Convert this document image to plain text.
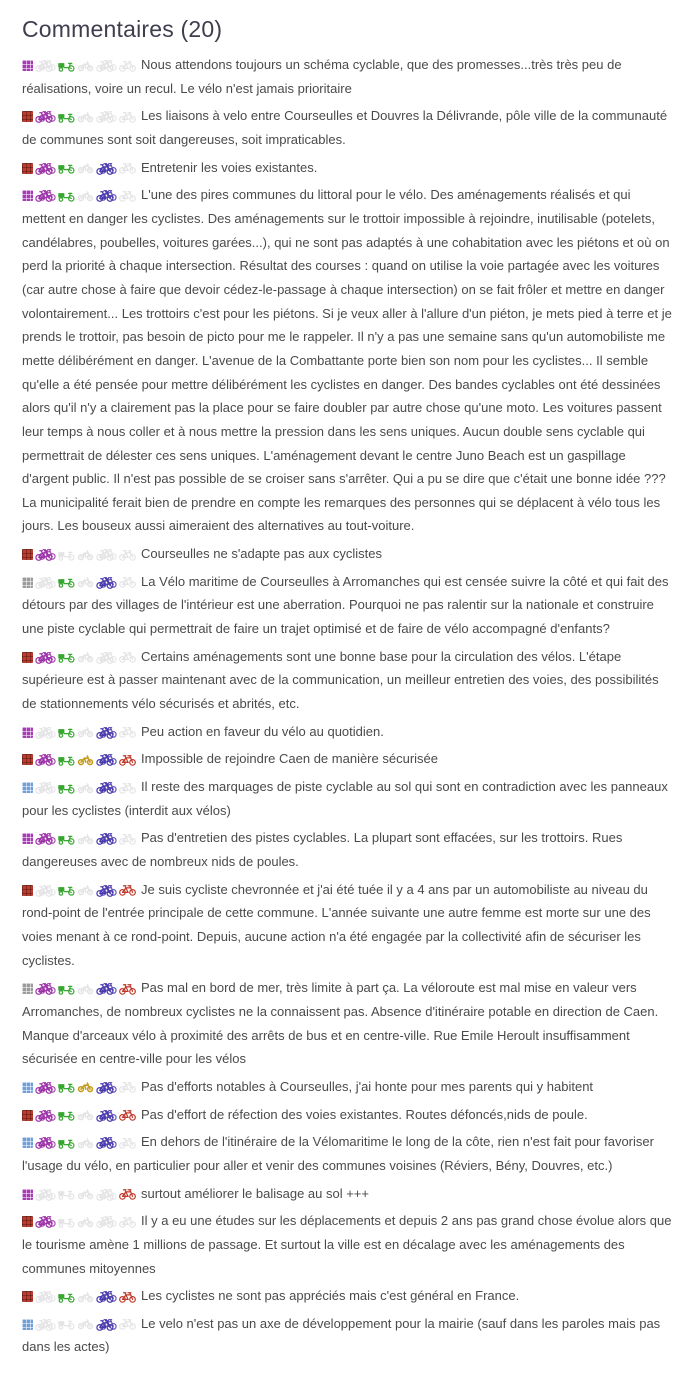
Commentaires (20)

Nous attendons toujours un schéma cyclable, que des promesses...très très peu de réalisations, voire un recul. Le vélo n'est jamais prioritaire

Les liaisons à velo entre Courseulles et Douvres la Délivrande, pôle ville de la communauté de communes sont soit dangereuses, soit impraticables.

Entretenir les voies existantes.

L'une des pires communes du littoral pour le vélo. Des aménagements réalisés et qui mettent en danger les cyclistes. Des aménagements sur le trottoir impossible à rejoindre, inutilisable (potelets, candélabres, poubelles, voitures garées...), qui ne sont pas adaptés à une cohabitation avec les piétons et où on perd la priorité à chaque intersection. Résultat des courses : quand on utilise la voie partagée avec les voitures (car autre chose à faire que devoir cédez-le-passage à chaque intersection) on se fait frôler et mettre en danger volontairement... Les trottoirs c'est pour les piétons. Si je veux aller à l'allure d'un piéton, je mets pied à terre et je prends le trottoir, pas besoin de picto pour me le rappeler. Il n'y a pas une semaine sans qu'un automobiliste me mette délibérément en danger. L'avenue de la Combattante porte bien son nom pour les cyclistes... Il semble qu'elle a été pensée pour mettre délibérément les cyclistes en danger. Des bandes cyclables ont été dessinées alors qu'il n'y a clairement pas la place pour se faire doubler par autre chose qu'une moto. Les voitures passent leur temps à nous coller et à nous mettre la pression dans les sens uniques. Aucun double sens cyclable qui permettrait de délester ces sens uniques. L'aménagement devant le centre Juno Beach est un gaspillage d'argent public. Il n'est pas possible de se croiser sans s'arrêter. Qui a pu se dire que c'était une bonne idée ??? La municipalité ferait bien de prendre en compte les remarques des personnes qui se déplacent à vélo tous les jours. Les bouseux aussi aimeraient des alternatives au tout-voiture.

Courseulles ne s'adapte pas aux cyclistes

La Vélo maritime de Courseulles à Arromanches qui est censée suivre la côté et qui fait des détours par des villages de l'intérieur est une aberration. Pourquoi ne pas ralentir sur la nationale et construire une piste cyclable qui permettrait de faire un trajet optimisé et de faire de vélo accompagné d'enfants?

Certains aménagements sont une bonne base pour la circulation des vélos. L'étape supérieure est à passer maintenant avec de la communication, un meilleur entretien des voies, des possibilités de stationnements vélo sécurisés et abrités, etc.

Peu action en faveur du vélo au quotidien.

Impossible de rejoindre Caen de manière sécurisée

Il reste des marquages de piste cyclable au sol qui sont en contradiction avec les panneaux pour les cyclistes (interdit aux vélos)

Pas d'entretien des pistes cyclables. La plupart sont effacées, sur les trottoirs. Rues dangereuses avec de nombreux nids de poules.

Je suis cycliste chevronnée et j'ai été tuée il y a 4 ans par un automobiliste au niveau du rond-point de l'entrée principale de cette commune. L'année suivante une autre femme est morte sur une des voies menant à ce rond-point. Depuis, aucune action n'a été engagée par la collectivité afin de sécuriser les cyclistes.

Pas mal en bord de mer, très limite à part ça. La véloroute est mal mise en valeur vers Arromanches, de nombreux cyclistes ne la connaissent pas. Absence d'itinéraire potable en direction de Caen. Manque d'arceaux vélo à proximité des arrêts de bus et en centre-ville. Rue Emile Heroult insuffisamment sécurisée en centre-ville pour les vélos

Pas d'efforts notables à Courseulles, j'ai honte pour mes parents qui y habitent

Pas d'effort de réfection des voies existantes. Routes défoncés,nids de poule.

En dehors de l'itinéraire de la Vélomaritime le long de la côte, rien n'est fait pour favoriser l'usage du vélo, en particulier pour aller et venir des communes voisines (Réviers, Bény, Douvres, etc.)

surtout améliorer le balisage au sol +++

Il y a eu une études sur les déplacements et depuis 2 ans pas grand chose évolue alors que le tourisme amène 1 millions de passage. Et surtout la ville est en décalage avec les aménagements des communes mitoyennes

Les cyclistes ne sont pas appréciés mais c'est général en France.

Le velo n'est pas un axe de développement pour la mairie (sauf dans les paroles mais pas dans les actes)
